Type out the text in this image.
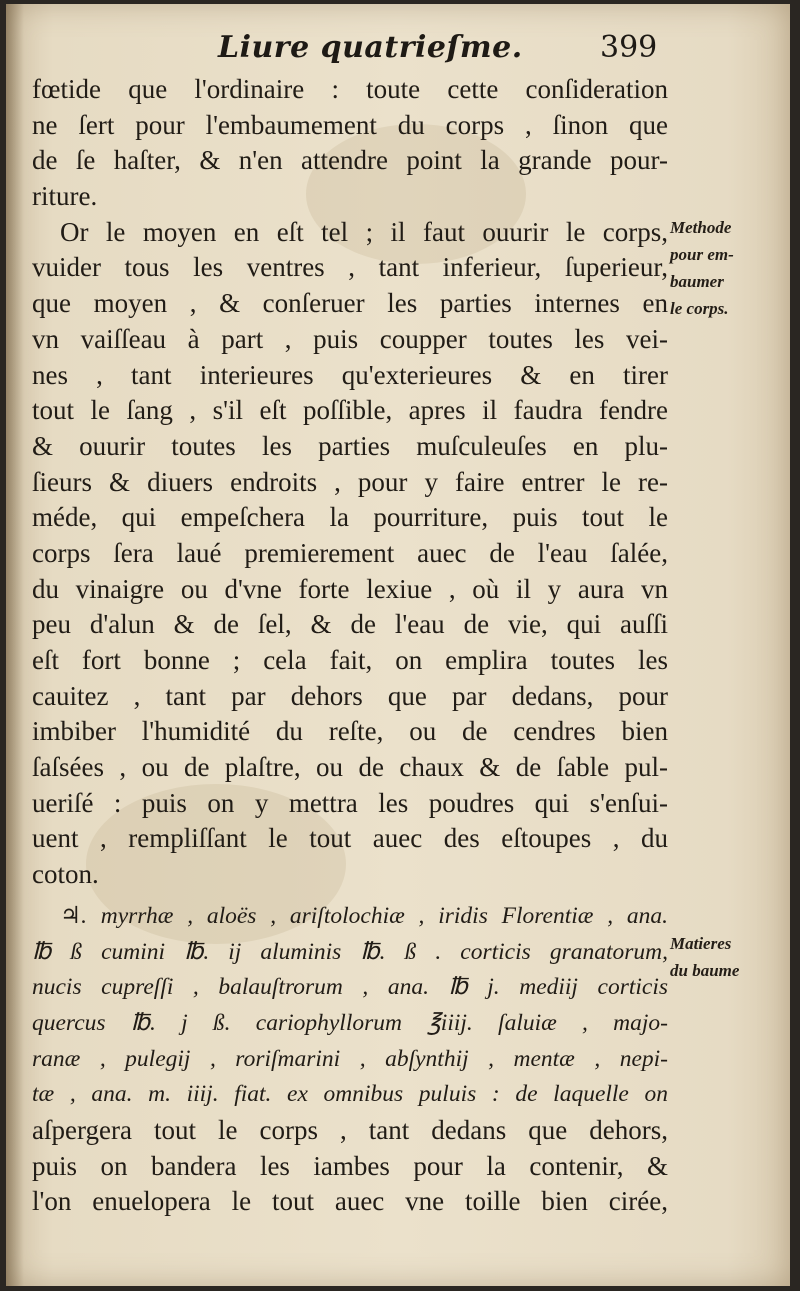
Liure quatrieſme.	399
fœtide que l'ordinaire : toute cette conſideration
ne ſert pour l'embaumement du corps , ſinon que
de ſe haſter, & n'en attendre point la grande pour-
riture.
Or le moyen en eſt tel ; il faut ouurir le corps,
vuider tous les ventres , tant inferieur, ſuperieur,
que moyen , & conſeruer les parties internes en
vn vaiſſeau à part , puis coupper toutes les vei-
nes , tant interieures qu'exterieures & en tirer
tout le ſang , s'il eſt poſſible, apres il faudra fendre
& ouurir toutes les parties muſculeuſes en plu-
ſieurs & diuers endroits , pour y faire entrer le re-
méde, qui empeſchera la pourriture, puis tout le
corps ſera laué premierement auec de l'eau ſalée,
du vinaigre ou d'vne forte lexiue , où il y aura vn
peu d'alun & de ſel, & de l'eau de vie, qui auſſi
eſt fort bonne ; cela fait, on emplira toutes les
cauitez , tant par dehors que par dedans, pour
imbiber l'humidité du reſte, ou de cendres bien
ſaſsées , ou de plaſtre, ou de chaux & de ſable pul-
ueriſé : puis on y mettra les poudres qui s'enſui-
uent , rempliſſant le tout auec des eſtoupes , du
coton.
♃. myrrhæ , aloës , ariſtolochiæ , iridis Florentiæ , ana.
℔ ß cumini ℔. ij aluminis ℔. ß . corticis granatorum,
nucis cupreſſi , balauſtrorum , ana. ℔ j. mediij corticis
quercus ℔. j ß. cariophyllorum ℥iiij. ſaluiæ , majo-
ranæ , pulegij , roriſmarini , abſynthij , mentæ , nepi-
tæ , ana. m. iiij. fiat. ex omnibus puluis : de laquelle on
aſpergera tout le corps , tant dedans que dehors,
puis on bandera les iambes pour la contenir, &
l'on enuelopera le tout auec vne toille bien cirée,
Methode
pour em-
baumer
le corps.
Matieres
du baume
